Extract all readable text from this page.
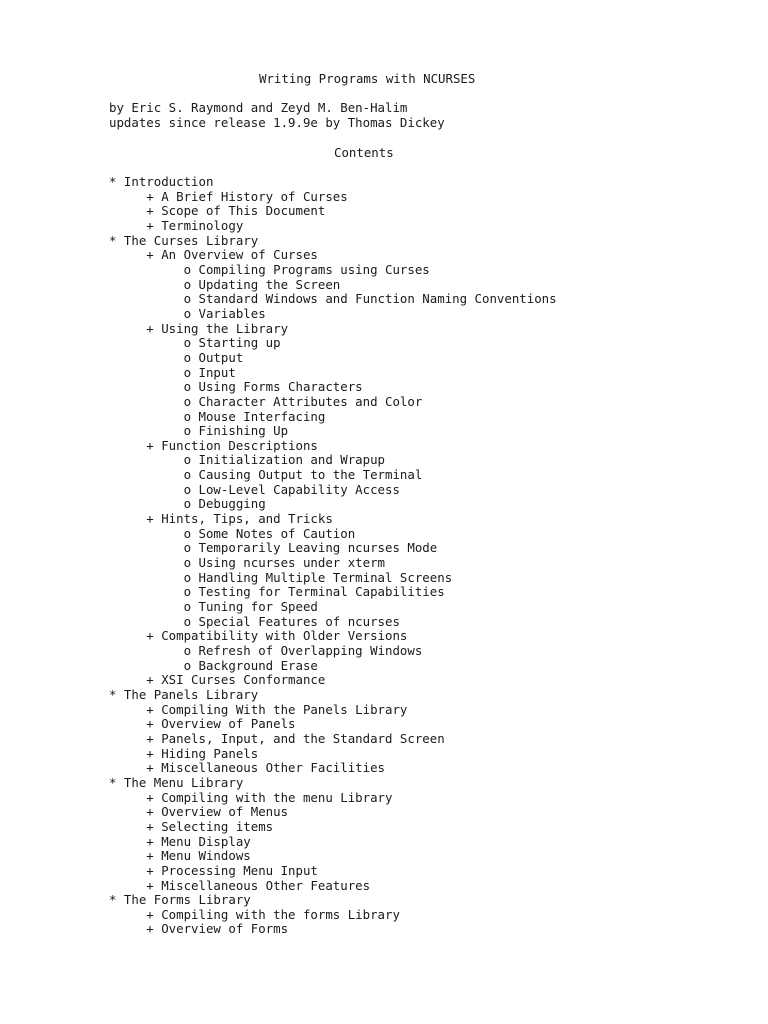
Writing Programs with NCURSES
by Eric S. Raymond and Zeyd M. Ben-Halim
updates since release 1.9.9e by Thomas Dickey
Contents
* Introduction
+ A Brief History of Curses
+ Scope of This Document
+ Terminology
* The Curses Library
+ An Overview of Curses
o Compiling Programs using Curses
o Updating the Screen
o Standard Windows and Function Naming Conventions
o Variables
+ Using the Library
o Starting up
o Output
o Input
o Using Forms Characters
o Character Attributes and Color
o Mouse Interfacing
o Finishing Up
+ Function Descriptions
o Initialization and Wrapup
o Causing Output to the Terminal
o Low-Level Capability Access
o Debugging
+ Hints, Tips, and Tricks
o Some Notes of Caution
o Temporarily Leaving ncurses Mode
o Using ncurses under xterm
o Handling Multiple Terminal Screens
o Testing for Terminal Capabilities
o Tuning for Speed
o Special Features of ncurses
+ Compatibility with Older Versions
o Refresh of Overlapping Windows
o Background Erase
+ XSI Curses Conformance
* The Panels Library
+ Compiling With the Panels Library
+ Overview of Panels
+ Panels, Input, and the Standard Screen
+ Hiding Panels
+ Miscellaneous Other Facilities
* The Menu Library
+ Compiling with the menu Library
+ Overview of Menus
+ Selecting items
+ Menu Display
+ Menu Windows
+ Processing Menu Input
+ Miscellaneous Other Features
* The Forms Library
+ Compiling with the forms Library
+ Overview of Forms
